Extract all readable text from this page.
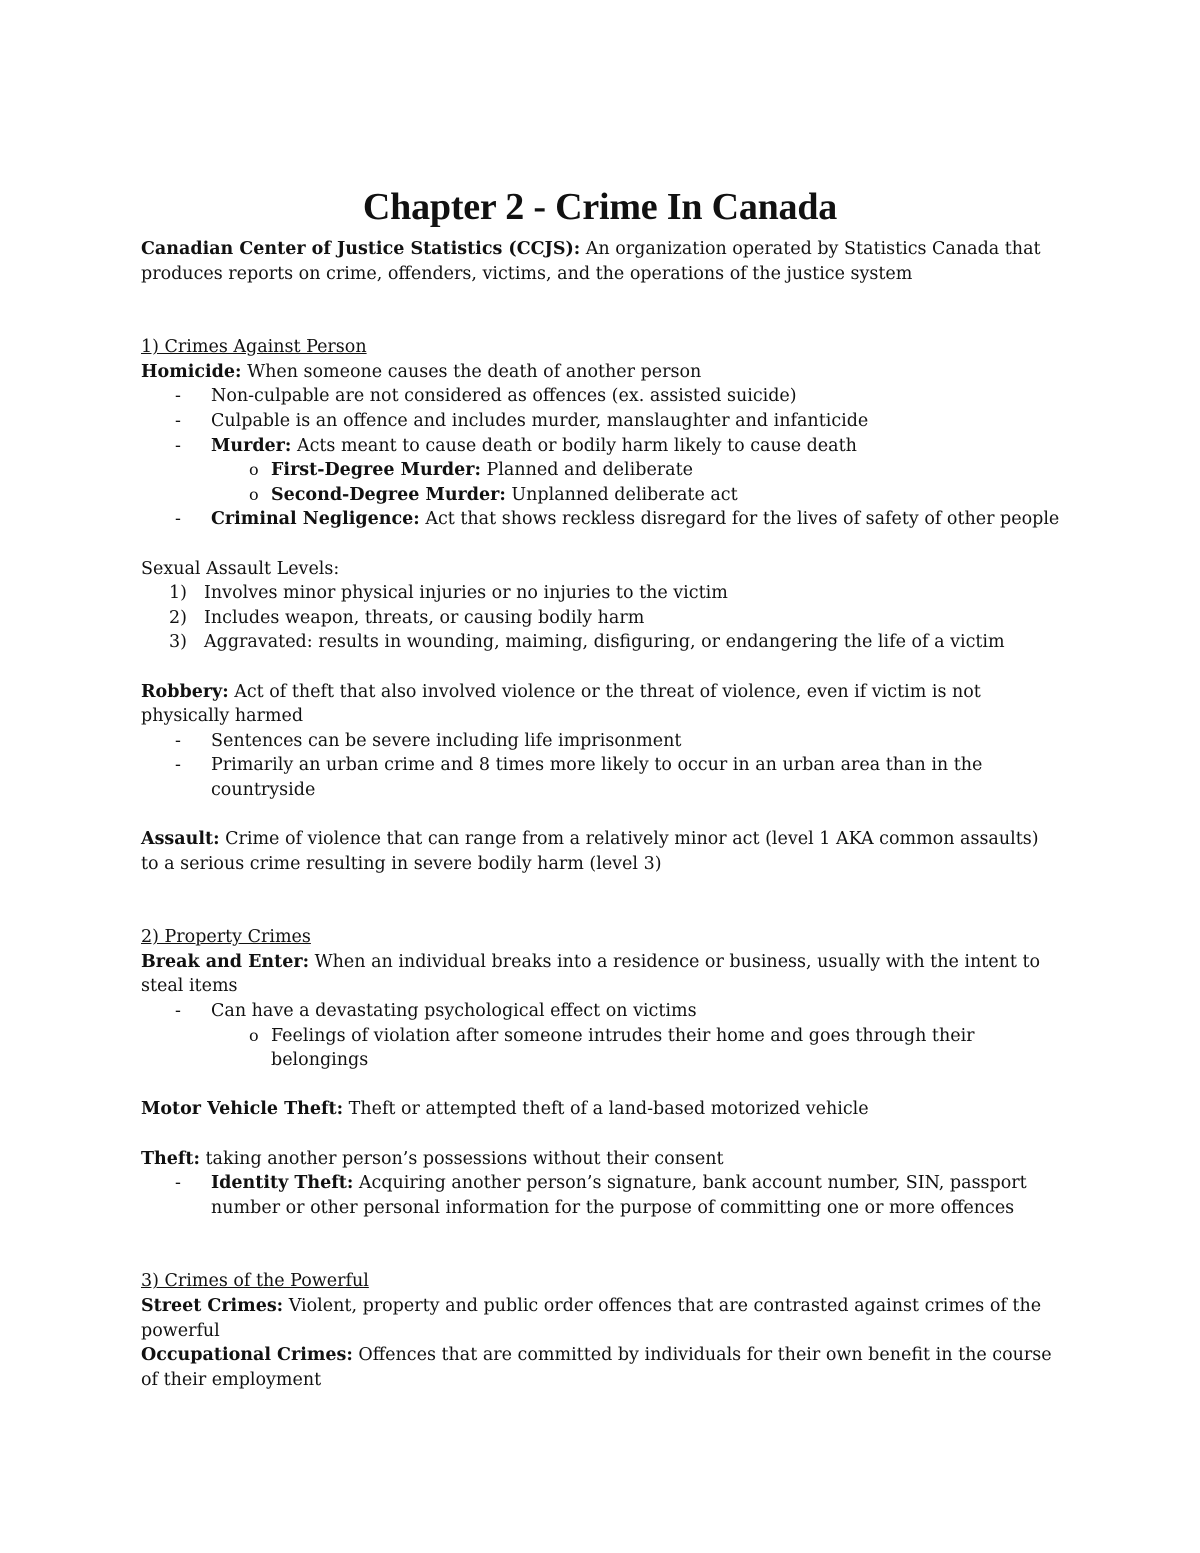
Chapter 2 - Crime In Canada

Canadian Center of Justice Statistics (CCJS): An organization operated by Statistics Canada that produces reports on crime, offenders, victims, and the operations of the justice system

1) Crimes Against Person

Homicide: When someone causes the death of another person

- Non-culpable are not considered as offences (ex. assisted suicide)
- Culpable is an offence and includes murder, manslaughter and infanticide
- Murder: Acts meant to cause death or bodily harm likely to cause death
o First-Degree Murder: Planned and deliberate
o Second-Degree Murder: Unplanned deliberate act
- Criminal Negligence: Act that shows reckless disregard for the lives of safety of other people

Sexual Assault Levels:

1) Involves minor physical injuries or no injuries to the victim
2) Includes weapon, threats, or causing bodily harm
3) Aggravated: results in wounding, maiming, disfiguring, or endangering the life of a victim

Robbery: Act of theft that also involved violence or the threat of violence, even if victim is not physically harmed

- Sentences can be severe including life imprisonment
- Primarily an urban crime and 8 times more likely to occur in an urban area than in the countryside

Assault: Crime of violence that can range from a relatively minor act (level 1 AKA common assaults) to a serious crime resulting in severe bodily harm (level 3)

2) Property Crimes

Break and Enter: When an individual breaks into a residence or business, usually with the intent to steal items

- Can have a devastating psychological effect on victims
o Feelings of violation after someone intrudes their home and goes through their belongings

Motor Vehicle Theft: Theft or attempted theft of a land-based motorized vehicle

Theft: taking another person’s possessions without their consent

- Identity Theft: Acquiring another person’s signature, bank account number, SIN, passport number or other personal information for the purpose of committing one or more offences

3) Crimes of the Powerful

Street Crimes: Violent, property and public order offences that are contrasted against crimes of the powerful

Occupational Crimes: Offences that are committed by individuals for their own benefit in the course of their employment
